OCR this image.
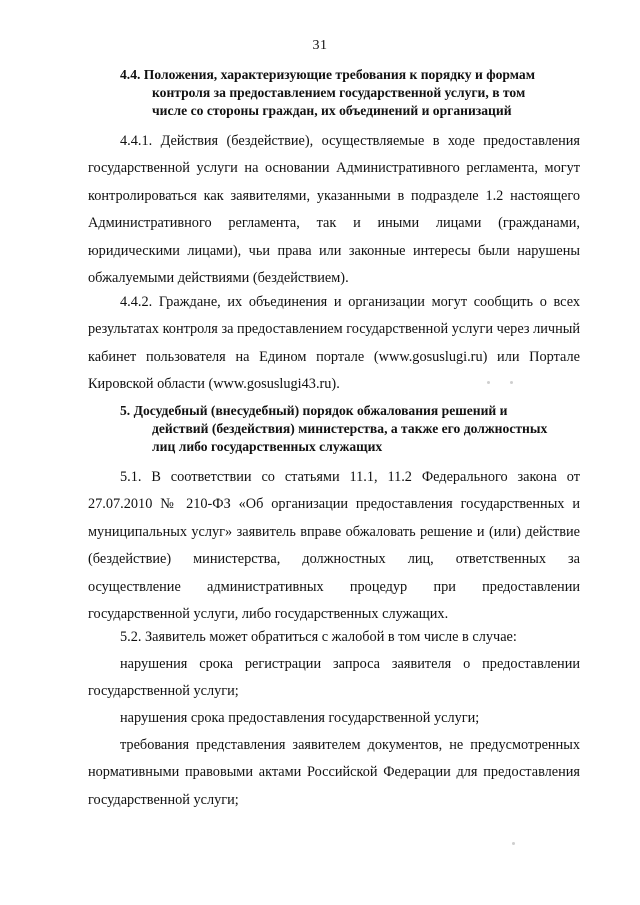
31
4.4. Положения, характеризующие требования к порядку и формам
контроля за предоставлением государственной услуги, в том
числе со стороны граждан, их объединений и организаций

4.4.1. Действия (бездействие), осуществляемые в ходе предоставления государственной услуги на основании Административного регламента, могут контролироваться как заявителями, указанными в подразделе 1.2 настоящего Административного регламента, так и иными лицами (гражданами, юридическими лицами), чьи права или законные интересы были нарушены обжалуемыми действиями (бездействием).

4.4.2. Граждане, их объединения и организации могут сообщить о всех результатах контроля за предоставлением государственной услуги через личный кабинет пользователя на Едином портале (www.gosuslugi.ru) или Портале Кировской области (www.gosuslugi43.ru).

5. Досудебный (внесудебный) порядок обжалования решений и
действий (бездействия) министерства, а также его должностных
лиц либо государственных служащих

5.1. В соответствии со статьями 11.1, 11.2 Федерального закона от 27.07.2010 № 210-ФЗ «Об организации предоставления государственных и муниципальных услуг» заявитель вправе обжаловать решение и (или) действие (бездействие) министерства, должностных лиц, ответственных за осуществление административных процедур при предоставлении государственной услуги, либо государственных служащих.

5.2. Заявитель может обратиться с жалобой в том числе в случае:

нарушения срока регистрации запроса заявителя о предоставлении государственной услуги;

нарушения срока предоставления государственной услуги;

требования представления заявителем документов, не предусмотренных нормативными правовыми актами Российской Федерации для предоставления государственной услуги;
